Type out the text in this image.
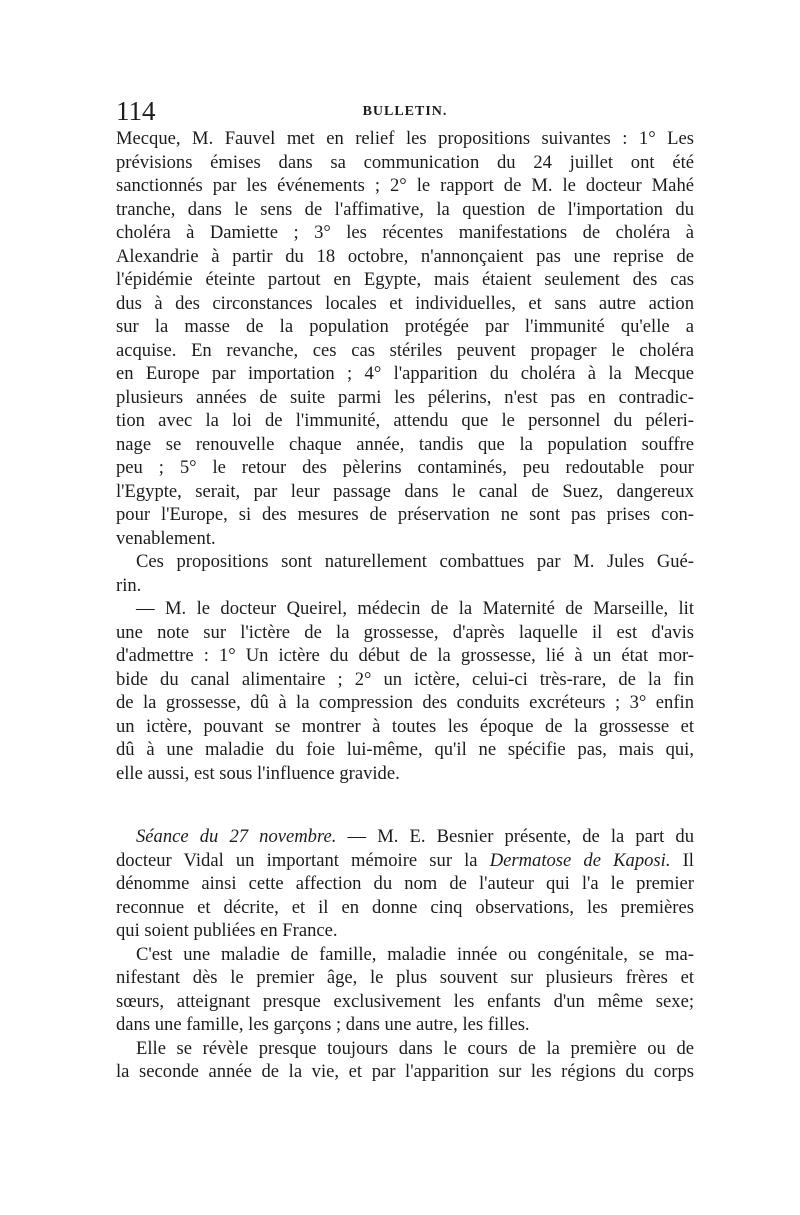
114	BULLETIN.
Mecque, M. Fauvel met en relief les propositions suivantes : 1° Les
prévisions émises dans sa communication du 24 juillet ont été
sanctionnés par les événements ; 2° le rapport de M. le docteur Mahé
tranche, dans le sens de l'affimative, la question de l'importation du
choléra à Damiette ; 3° les récentes manifestations de choléra à
Alexandrie à partir du 18 octobre, n'annonçaient pas une reprise de
l'épidémie éteinte partout en Egypte, mais étaient seulement des cas
dus à des circonstances locales et individuelles, et sans autre action
sur la masse de la population protégée par l'immunité qu'elle a
acquise. En revanche, ces cas stériles peuvent propager le choléra
en Europe par importation ; 4° l'apparition du choléra à la Mecque
plusieurs années de suite parmi les pélerins, n'est pas en contradic-
tion avec la loi de l'immunité, attendu que le personnel du péleri-
nage se renouvelle chaque année, tandis que la population souffre
peu ; 5° le retour des pèlerins contaminés, peu redoutable pour
l'Egypte, serait, par leur passage dans le canal de Suez, dangereux
pour l'Europe, si des mesures de préservation ne sont pas prises con-
venablement.
Ces propositions sont naturellement combattues par M. Jules Gué-
rin.
— M. le docteur Queirel, médecin de la Maternité de Marseille, lit
une note sur l'ictère de la grossesse, d'après laquelle il est d'avis
d'admettre : 1° Un ictère du début de la grossesse, lié à un état mor-
bide du canal alimentaire ; 2° un ictère, celui-ci très-rare, de la fin
de la grossesse, dû à la compression des conduits excréteurs ; 3° enfin
un ictère, pouvant se montrer à toutes les époque de la grossesse et
dû à une maladie du foie lui-même, qu'il ne spécifie pas, mais qui,
elle aussi, est sous l'influence gravide.
Séance du 27 novembre. — M. E. Besnier présente, de la part du
docteur Vidal un important mémoire sur la Dermatose de Kaposi. Il
dénomme ainsi cette affection du nom de l'auteur qui l'a le premier
reconnue et décrite, et il en donne cinq observations, les premières
qui soient publiées en France.
C'est une maladie de famille, maladie innée ou congénitale, se ma-
nifestant dès le premier âge, le plus souvent sur plusieurs frères et
sœurs, atteignant presque exclusivement les enfants d'un même sexe;
dans une famille, les garçons ; dans une autre, les filles.
Elle se révèle presque toujours dans le cours de la première ou de
la seconde année de la vie, et par l'apparition sur les régions du corps
